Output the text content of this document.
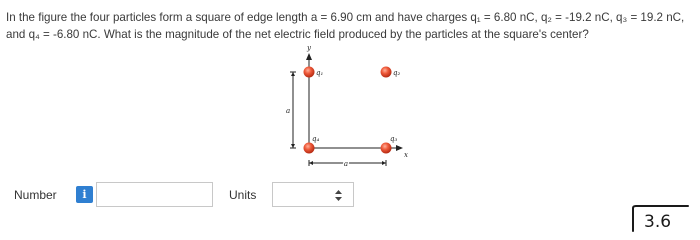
In the figure the four particles form a square of edge length a = 6.90 cm and have charges q₁ = 6.80 nC, q₂ = -19.2 nC, q₃ = 19.2 nC, and q₄ = -6.80 nC. What is the magnitude of the net electric field produced by the particles at the square's center?
y
x
a
a
q₁	q₂
q₃
q₄
Number	i	Units
3.6
